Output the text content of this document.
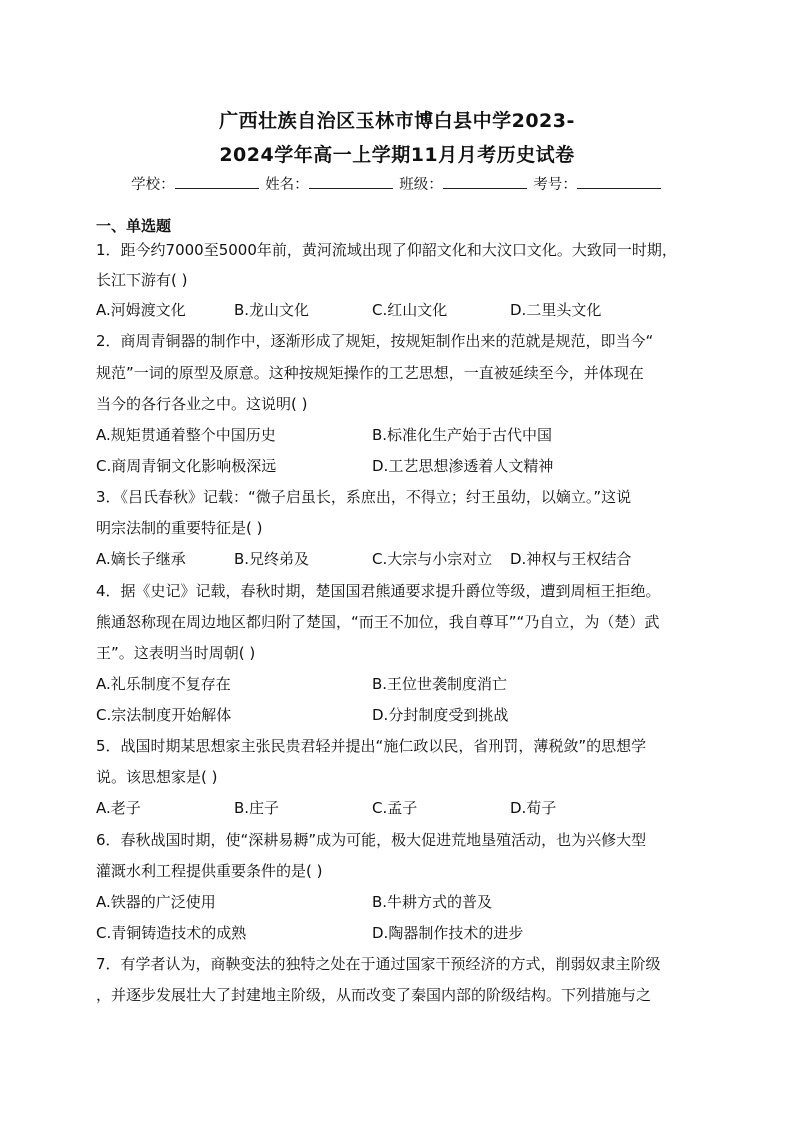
广西壮族自治区玉林市博白县中学2023-
2024学年高一上学期11月月考历史试卷
学校：	姓名：	班级：	考号：
一、单选题
1．距今约7000至5000年前，黄河流域出现了仰韶文化和大汶口文化。大致同一时期，
长江下游有( )
A.河姆渡文化	B.龙山文化	C.红山文化	D.二里头文化
2．商周青铜器的制作中，逐渐形成了规矩，按规矩制作出来的范就是规范，即当今“
规范”一词的原型及原意。这种按规矩操作的工艺思想，一直被延续至今，并体现在
当今的各行各业之中。这说明( )
A.规矩贯通着整个中国历史	B.标准化生产始于古代中国
C.商周青铜文化影响极深远	D.工艺思想渗透着人文精神
3．《吕氏春秋》记载：“微子启虽长，系庶出，不得立；纣王虽幼，以嫡立。”这说
明宗法制的重要特征是( )
A.嫡长子继承	B.兄终弟及	C.大宗与小宗对立 D.神权与王权结合
4．据《史记》记载，春秋时期，楚国国君熊通要求提升爵位等级，遭到周桓王拒绝。
熊通怒称现在周边地区都归附了楚国，“而王不加位，我自尊耳”“乃自立，为（楚）武
王”。这表明当时周朝( )
A.礼乐制度不复存在	B.王位世袭制度消亡
C.宗法制度开始解体	D.分封制度受到挑战
5．战国时期某思想家主张民贵君轻并提出“施仁政以民，省刑罚，薄税敛”的思想学
说。该思想家是( )
A.老子	B.庄子	C.孟子	D.荀子
6．春秋战国时期，使“深耕易耨”成为可能，极大促进荒地垦殖活动，也为兴修大型
灌溉水利工程提供重要条件的是( )
A.铁器的广泛使用	B.牛耕方式的普及
C.青铜铸造技术的成熟	D.陶器制作技术的进步
7．有学者认为，商鞅变法的独特之处在于通过国家干预经济的方式，削弱奴隶主阶级
，并逐步发展壮大了封建地主阶级，从而改变了秦国内部的阶级结构。下列措施与之
